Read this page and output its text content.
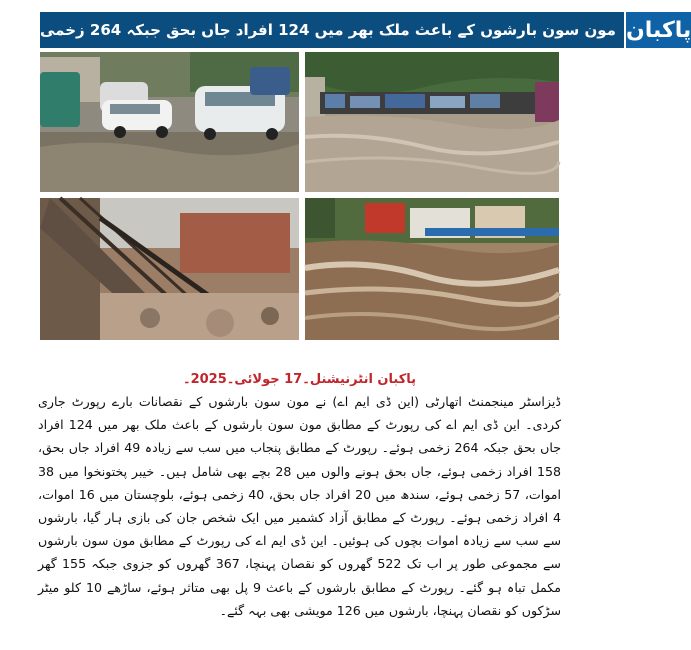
مون سون بارشوں کے باعث ملک بھر میں 124 افراد جاں بحق جبکہ 264 زخمی پاکبان
پاکبان انٹرنیشنل۔17 جولائی۔2025۔
ڈیزاسٹر مینجمنٹ اتھارٹی (این ڈی ایم اے) نے مون سون بارشوں کے نقصانات بارے رپورٹ جاری کردی۔ این ڈی ایم اے کی رپورٹ کے مطابق مون سون بارشوں کے باعث ملک بھر میں 124 افراد جاں بحق جبکہ 264 زخمی ہوئے۔ رپورٹ کے مطابق پنجاب میں سب سے زیادہ 49 افراد جاں بحق، 158 افراد زخمی ہوئے، جاں بحق ہونے والوں میں 28 بچے بھی شامل ہیں۔ خیبر پختونخوا میں 38 اموات، 57 زخمی ہوئے، سندھ میں 20 افراد جاں بحق، 40 زخمی ہوئے، بلوچستان میں 16 اموات، 4 افراد زخمی ہوئے۔ رپورٹ کے مطابق آزاد کشمیر میں ایک شخص جان کی بازی ہار گیا، بارشوں سے سب سے زیادہ اموات بچوں کی ہوئیں۔ این ڈی ایم اے کی رپورٹ کے مطابق مون سون بارشوں سے مجموعی طور پر اب تک 522 گھروں کو نقصان پہنچا، 367 گھروں کو جزوی جبکہ 155 گھر مکمل تباہ ہو گئے۔ رپورٹ کے مطابق بارشوں کے باعث 9 پل بھی متاثر ہوئے، ساڑھے 10 کلو میٹر سڑکوں کو نقصان پہنچا، بارشوں میں 126 مویشی بھی بہہ گئے۔
